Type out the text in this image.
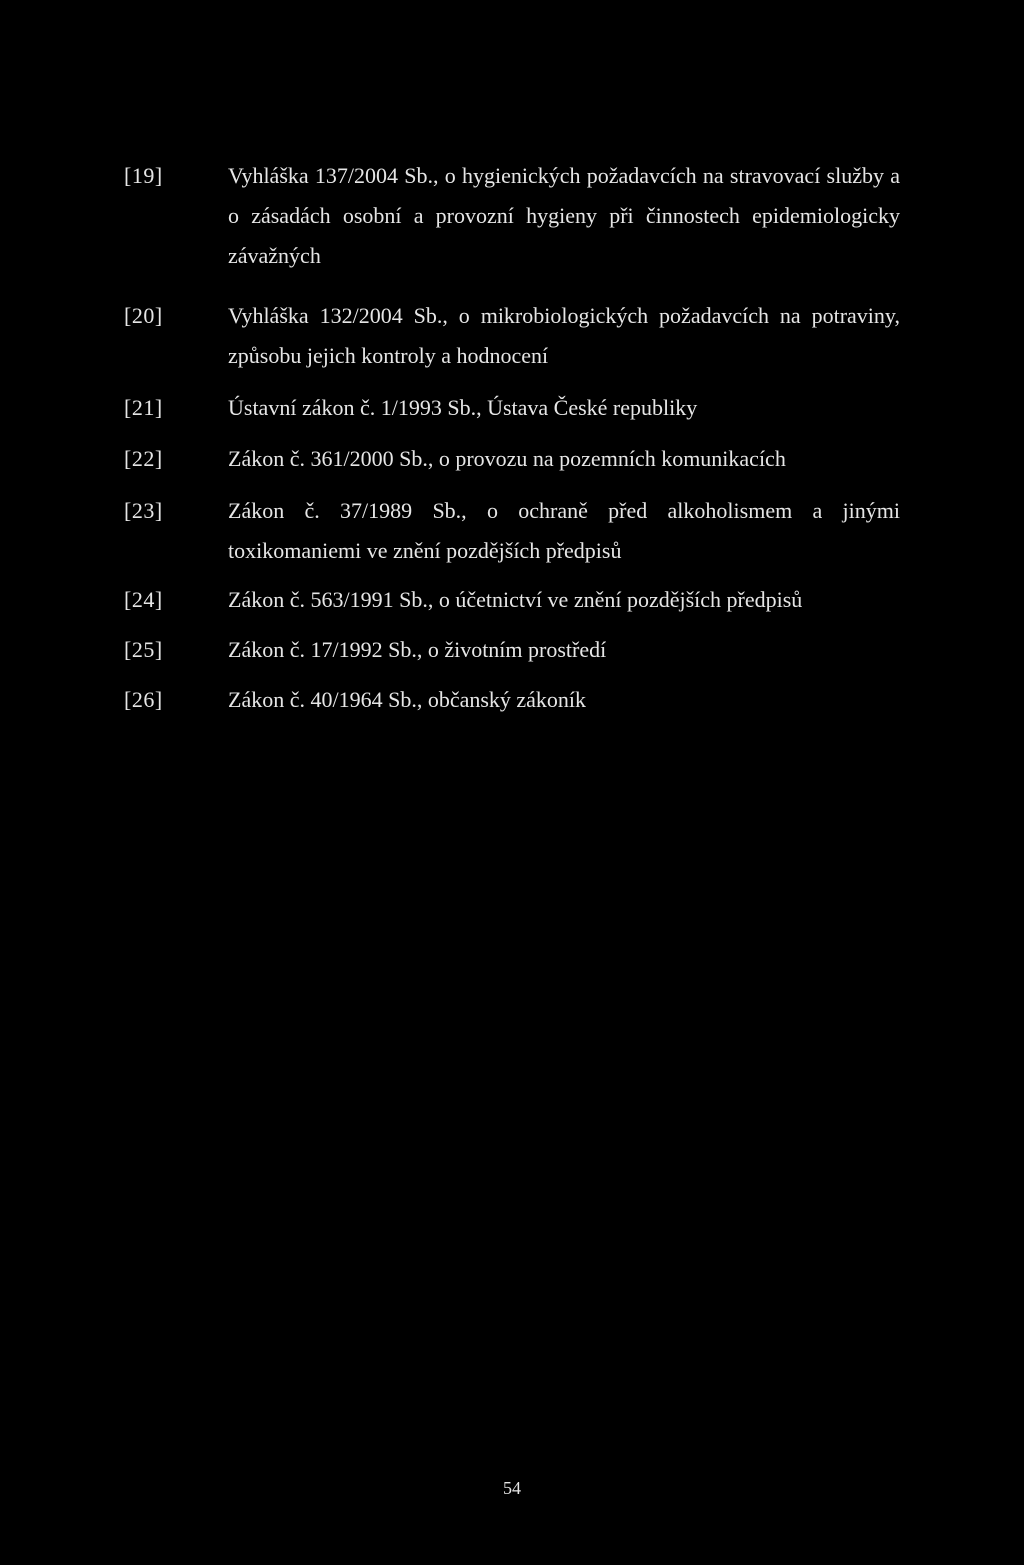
[19]	Vyhláška 137/2004 Sb., o hygienických požadavcích na stravovací služby a o zásadách osobní a provozní hygieny při činnostech epidemiologicky závažných
[20]	Vyhláška 132/2004 Sb., o mikrobiologických požadavcích na potraviny, způsobu jejich kontroly a hodnocení
[21]	Ústavní zákon č. 1/1993 Sb., Ústava České republiky
[22]	Zákon č. 361/2000 Sb., o provozu na pozemních komunikacích
[23]	Zákon č. 37/1989 Sb., o ochraně před alkoholismem a jinými toxikomaniemi ve znění pozdějších předpisů
[24]	Zákon č. 563/1991 Sb., o účetnictví ve znění pozdějších předpisů
[25]	Zákon č. 17/1992 Sb., o životním prostředí
[26]	Zákon č. 40/1964 Sb., občanský zákoník
54
